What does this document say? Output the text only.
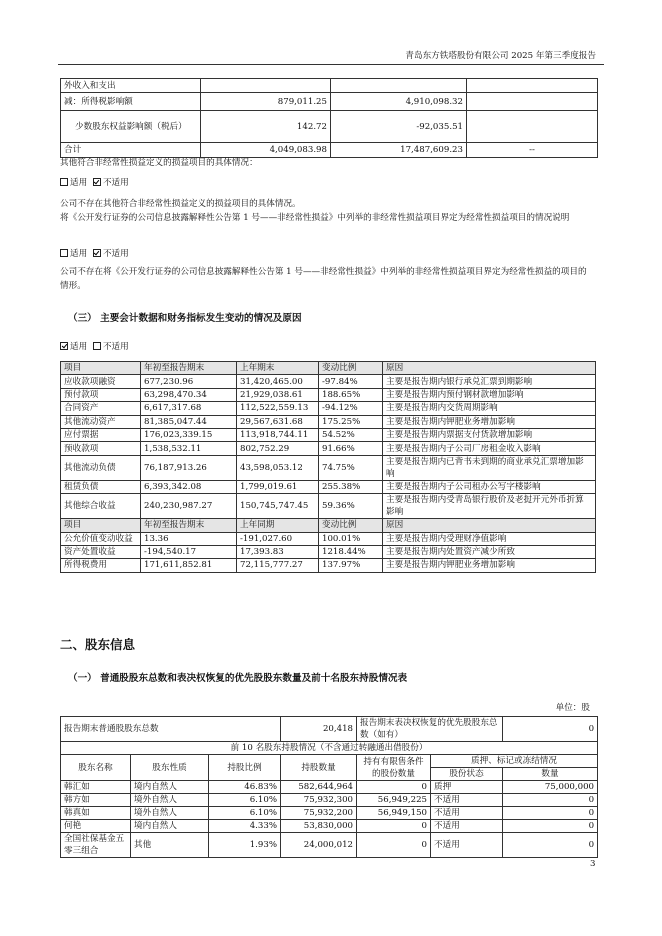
青岛东方铁塔股份有限公司 2025 年第三季度报告
外收入和支出			
减：所得税影响额	879,011.25	4,910,098.32	
少数股东权益影响额（税后）	142.72	-92,035.51	
合计	4,049,083.98	17,487,609.23	--
其他符合非经常性损益定义的损益项目的具体情况：
适用 不适用
公司不存在其他符合非经常性损益定义的损益项目的具体情况。
将《公开发行证券的公司信息披露解释性公告第 1 号——非经常性损益》中列举的非经常性损益项目界定为经常性损益项目的情况说明
适用 不适用
公司不存在将《公开发行证券的公司信息披露解释性公告第 1 号——非经常性损益》中列举的非经常性损益项目界定为经常性损益的项目的情形。
（三） 主要会计数据和财务指标发生变动的情况及原因
适用 不适用
项目	年初至报告期末	上年期末	变动比例	原因
应收款项融资	677,230.96	31,420,465.00	-97.84%	主要是报告期内银行承兑汇票到期影响
预付款项	63,298,470.34	21,929,038.61	188.65%	主要是报告期内预付钢材款增加影响
合同资产	6,617,317.68	112,522,559.13	-94.12%	主要是报告期内交货周期影响
其他流动资产	81,385,047.44	29,567,631.68	175.25%	主要是报告期内钾肥业务增加影响
应付票据	176,023,339.15	113,918,744.11	54.52%	主要是报告期内票据支付货款增加影响
预收款项	1,538,532.11	802,752.29	91.66%	主要是报告期内子公司厂房租金收入影响
其他流动负债	76,187,913.26	43,598,053.12	74.75%	主要是报告期内已背书未到期的商业承兑汇票增加影响
租赁负债	6,393,342.08	1,799,019.61	255.38%	主要是报告期内子公司租办公写字楼影响
其他综合收益	240,230,987.27	150,745,747.45	59.36%	主要是报告期内受青岛银行股价及老挝开元外币折算影响
项目	年初至报告期末	上年同期	变动比例	原因
公允价值变动收益	13.36	-191,027.60	100.01%	主要是报告期内受理财净值影响
资产处置收益	-194,540.17	17,393.83	1218.44%	主要是报告期内处置资产减少所致
所得税费用	171,611,852.81	72,115,777.27	137.97%	主要是报告期内钾肥业务增加影响
二、股东信息
（一） 普通股股东总数和表决权恢复的优先股股东数量及前十名股东持股情况表
单位：股
报告期末普通股股东总数			20,418	报告期末表决权恢复的优先股股东总数（如有）		0
前 10 名股东持股情况（不含通过转融通出借股份）						
股东名称	股东性质	持股比例	持股数量	持有有限售条件的股份数量	质押、标记或冻结情况	
					股份状态	数量
韩汇如	境内自然人	46.83%	582,644,964	0	质押	75,000,000
韩方如	境外自然人	6.10%	75,932,300	56,949,225	不适用	0
韩真如	境外自然人	6.10%	75,932,200	56,949,150	不适用	0
何艳	境内自然人	4.33%	53,830,000	0	不适用	0
全国社保基金五零三组合	其他	1.93%	24,000,012	0	不适用	0
3
